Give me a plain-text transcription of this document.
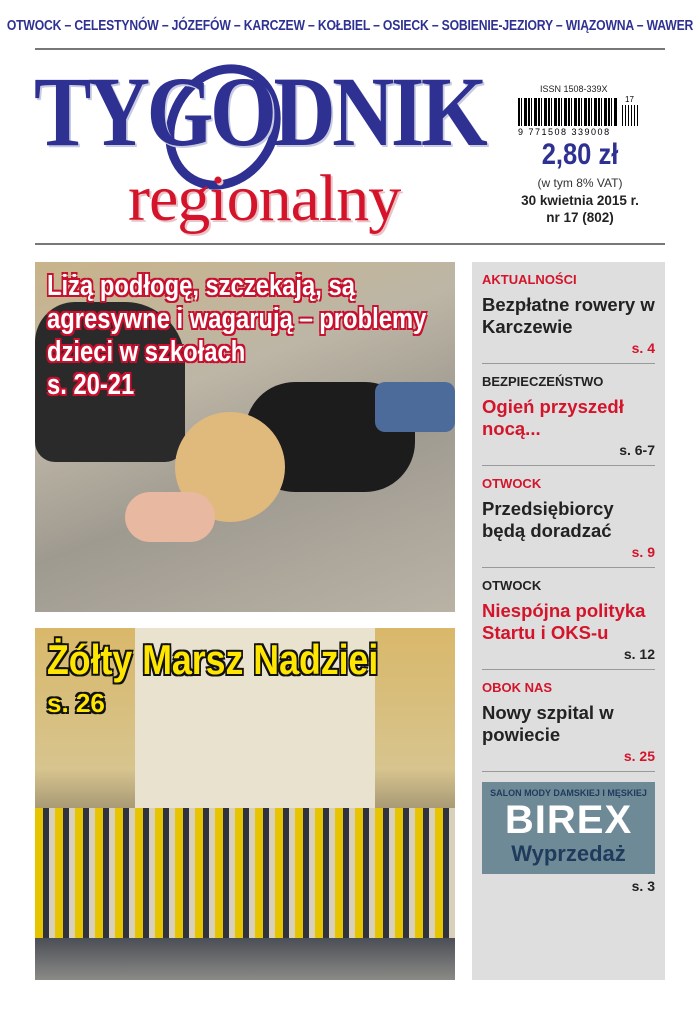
OTWOCK – CELESTYNÓW – JÓZEFÓW – KARCZEW – KOŁBIEL – OSIECK – SOBIENIE-JEZIORY – WIĄZOWNA – WAWER
TYGODNIK
regionalny
ISSN 1508-339X
17
9 771508 339008
2,80 zł
(w tym 8% VAT)
30 kwietnia 2015 r.
nr 17 (802)
Liżą podłogę, szczekają, są agresywne i wagarują – problemy dzieci w szkołach
s. 20-21
Żółty Marsz Nadziei
s. 26
AKTUALNOŚCI
Bezpłatne rowery w Karczewie
s. 4
BEZPIECZEŃSTWO
Ogień przyszedł nocą...
s. 6-7
OTWOCK
Przedsiębiorcy będą doradzać
s. 9
OTWOCK
Niespójna polityka Startu i OKS-u
s. 12
OBOK NAS
Nowy szpital w powiecie
s. 25
SALON MODY DAMSKIEJ I MĘSKIEJ
BIREX
Wyprzedaż
s. 3
